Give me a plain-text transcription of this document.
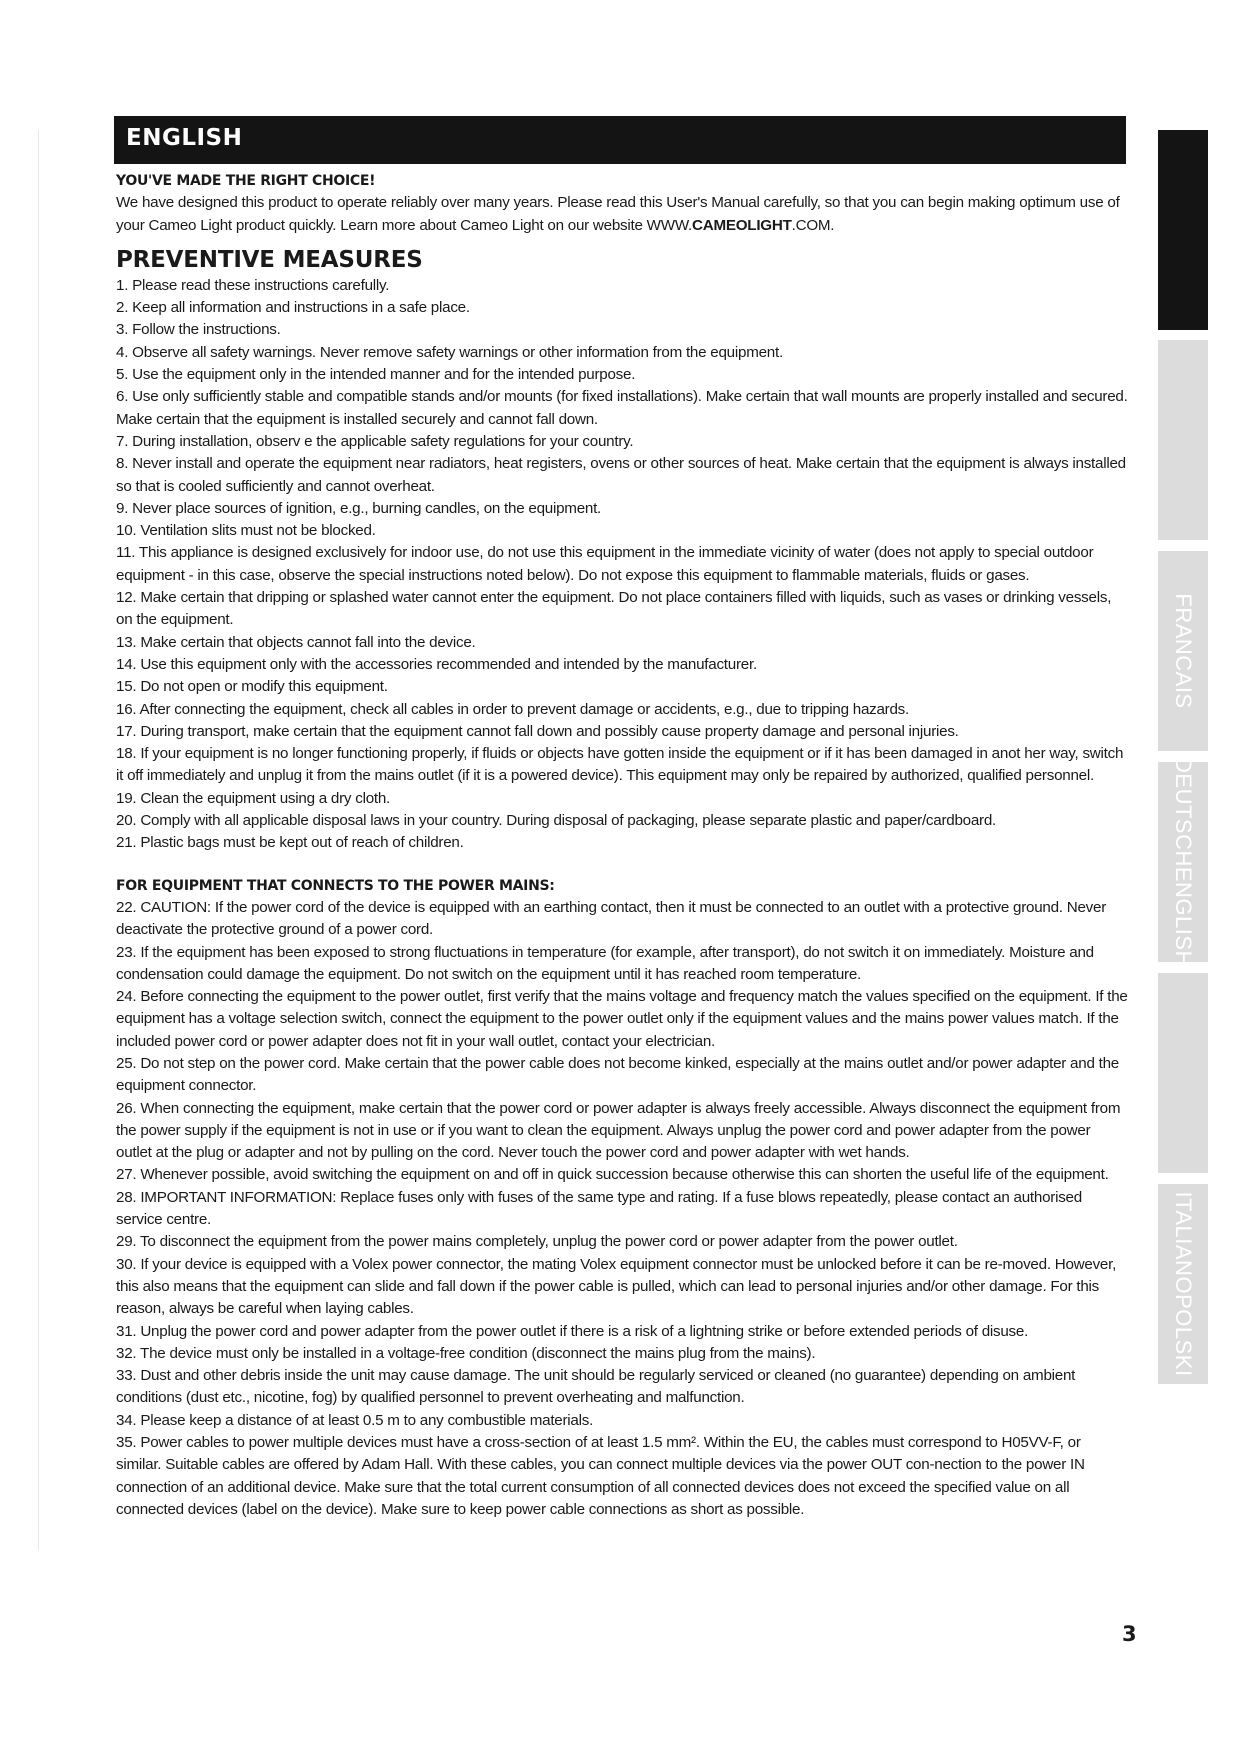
ENGLISH

YOU'VE MADE THE RIGHT CHOICE!

We have designed this product to operate reliably over many years. Please read this User's Manual carefully, so that you can begin making optimum use of your Cameo Light product quickly. Learn more about Cameo Light on our website WWW.CAMEOLIGHT.COM.

PREVENTIVE MEASURES

1. Please read these instructions carefully.

2. Keep all information and instructions in a safe place.

3. Follow the instructions.

4. Observe all safety warnings. Never remove safety warnings or other information from the equipment.

5. Use the equipment only in the intended manner and for the intended purpose.

6. Use only sufficiently stable and compatible stands and/or mounts (for fixed installations). Make certain that wall mounts are properly installed and secured. Make certain that the equipment is installed securely and cannot fall down.

7. During installation, observ e the applicable safety regulations for your country.

8. Never install and operate the equipment near radiators, heat registers, ovens or other sources of heat. Make certain that the equipment is always installed so that is cooled sufficiently and cannot overheat.

9. Never place sources of ignition, e.g., burning candles, on the equipment.

10. Ventilation slits must not be blocked.

11. This appliance is designed exclusively for indoor use, do not use this equipment in the immediate vicinity of water (does not apply to special outdoor equipment - in this case, observe the special instructions noted below). Do not expose this equipment to flammable materials, fluids or gases.

12. Make certain that dripping or splashed water cannot enter the equipment. Do not place containers filled with liquids, such as vases or drinking vessels, on the equipment.

13. Make certain that objects cannot fall into the device.

14. Use this equipment only with the accessories recommended and intended by the manufacturer.

15. Do not open or modify this equipment.

16. After connecting the equipment, check all cables in order to prevent damage or accidents, e.g., due to tripping hazards.

17. During transport, make certain that the equipment cannot fall down and possibly cause property damage and personal injuries.

18. If your equipment is no longer functioning properly, if fluids or objects have gotten inside the equipment or if it has been damaged in anot her way, switch it off immediately and unplug it from the mains outlet (if it is a powered device). This equipment may only be repaired by authorized, qualified personnel.

19. Clean the equipment using a dry cloth.

20. Comply with all applicable disposal laws in your country. During disposal of packaging, please separate plastic and paper/cardboard.

21. Plastic bags must be kept out of reach of children.

FOR EQUIPMENT THAT CONNECTS TO THE POWER MAINS:

22. CAUTION: If the power cord of the device is equipped with an earthing contact, then it must be connected to an outlet with a protective ground. Never deactivate the protective ground of a power cord.

23. If the equipment has been exposed to strong fluctuations in temperature (for example, after transport), do not switch it on immediately. Moisture and condensation could damage the equipment. Do not switch on the equipment until it has reached room temperature.

24. Before connecting the equipment to the power outlet, first verify that the mains voltage and frequency match the values specified on the equipment. If the equipment has a voltage selection switch, connect the equipment to the power outlet only if the equipment values and the mains power values match. If the included power cord or power adapter does not fit in your wall outlet, contact your electrician.

25. Do not step on the power cord. Make certain that the power cable does not become kinked, especially at the mains outlet and/or power adapter and the equipment connector.

26. When connecting the equipment, make certain that the power cord or power adapter is always freely accessible. Always disconnect the equipment from the power supply if the equipment is not in use or if you want to clean the equipment. Always unplug the power cord and power adapter from the power outlet at the plug or adapter and not by pulling on the cord. Never touch the power cord and power adapter with wet hands.

27. Whenever possible, avoid switching the equipment on and off in quick succession because otherwise this can shorten the useful life of the equipment.

28. IMPORTANT INFORMATION: Replace fuses only with fuses of the same type and rating. If a fuse blows repeatedly, please contact an authorised service centre.

29. To disconnect the equipment from the power mains completely, unplug the power cord or power adapter from the power outlet.

30. If your device is equipped with a Volex power connector, the mating Volex equipment connector must be unlocked before it can be re-moved. However, this also means that the equipment can slide and fall down if the power cable is pulled, which can lead to personal injuries and/or other damage. For this reason, always be careful when laying cables.

31. Unplug the power cord and power adapter from the power outlet if there is a risk of a lightning strike or before extended periods of disuse.

32. The device must only be installed in a voltage-free condition (disconnect the mains plug from the mains).

33. Dust and other debris inside the unit may cause damage. The unit should be regularly serviced or cleaned (no guarantee) depending on ambient conditions (dust etc., nicotine, fog) by qualified personnel to prevent overheating and malfunction.

34. Please keep a distance of at least 0.5 m to any combustible materials.

35. Power cables to power multiple devices must have a cross-section of at least 1.5 mm². Within the EU, the cables must correspond to H05VV-F, or similar. Suitable cables are offered by Adam Hall. With these cables, you can connect multiple devices via the power OUT con-nection to the power IN connection of an additional device. Make sure that the total current consumption of all connected devices does not exceed the specified value on all connected devices (label on the device). Make sure to keep power cable connections as short as possible.

FRANCAIS
DEUTSCHENGLISH
ITALIANOPOLSKI
3
